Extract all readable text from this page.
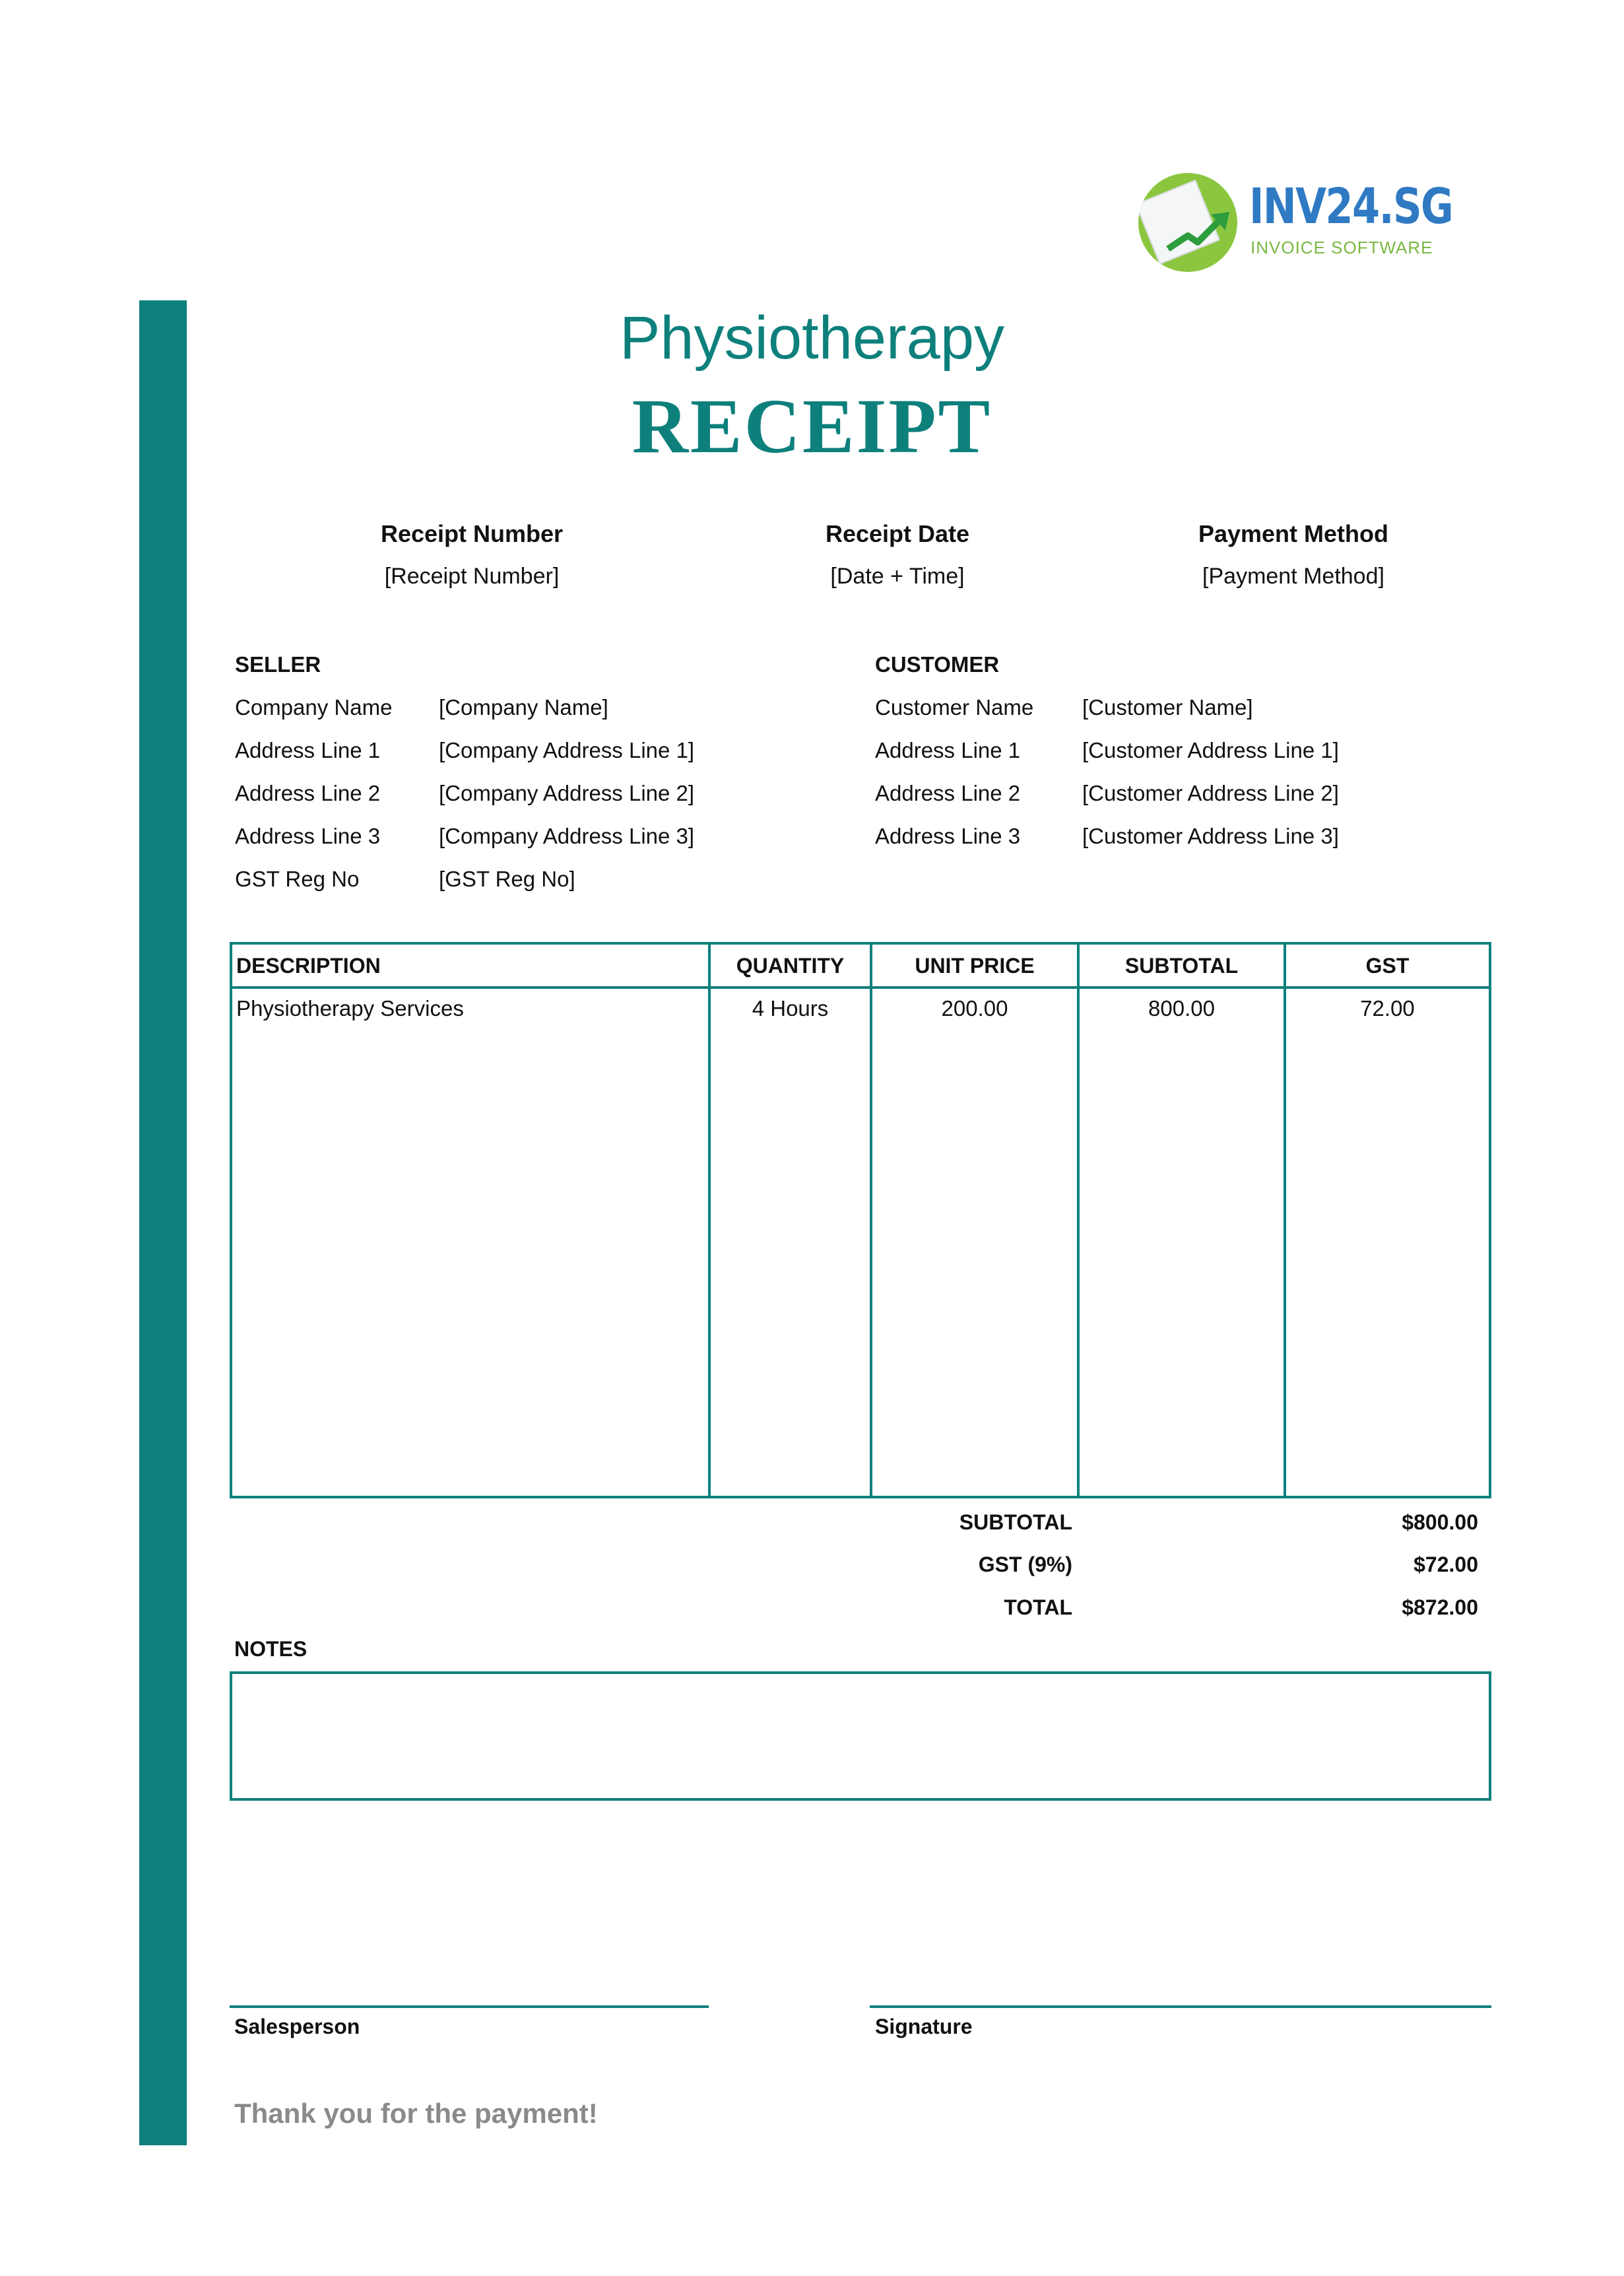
INV24.SG
INVOICE SOFTWARE
Physiotherapy
RECEIPT
Receipt Number
[Receipt Number]
Receipt Date
[Date + Time]
Payment Method
[Payment Method]
SELLER
Company Name [Company Name]
Address Line 1	[Company Address Line 1]
Address Line 2	[Company Address Line 2]
Address Line 3	[Company Address Line 3]
GST Reg No	[GST Reg No]
CUSTOMER
Customer Name [Customer Name]
Address Line 1	[Customer Address Line 1]
Address Line 2	[Customer Address Line 2]
Address Line 3	[Customer Address Line 3]
DESCRIPTION	QUANTITY	UNIT PRICE	SUBTOTAL	GST
Physiotherapy Services	4 Hours	200.00	800.00	72.00
SUBTOTAL	$800.00
GST (9%)	$72.00
TOTAL	$872.00
NOTES
Salesperson	Signature
Thank you for the payment!
